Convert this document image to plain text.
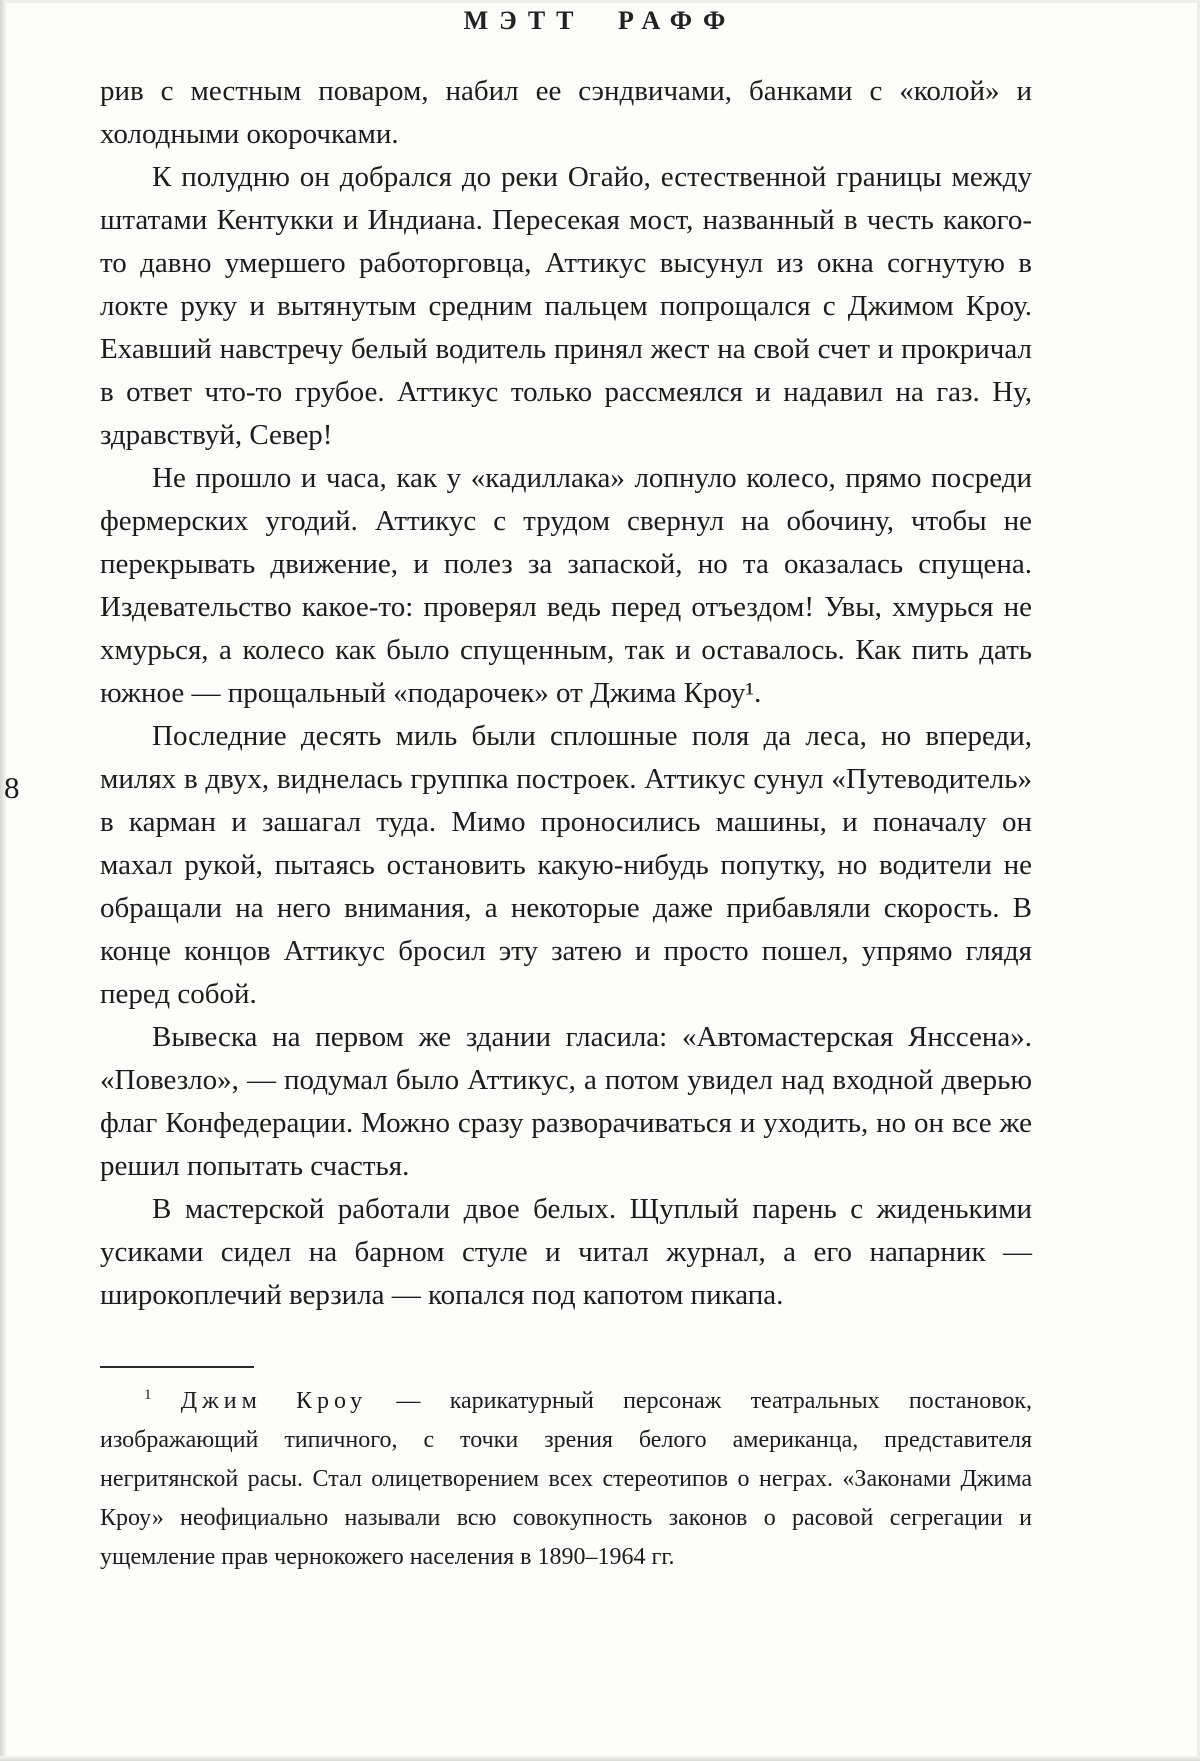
МЭТТ РАФФ
8

рив с местным поваром, набил ее сэндвичами, банками с «колой» и холодными окорочками.

К полудню он добрался до реки Огайо, естественной границы между штатами Кентукки и Индиана. Пересекая мост, названный в честь какого-то давно умершего работорговца, Аттикус высунул из окна согнутую в локте руку и вытянутым средним пальцем попрощался с Джимом Кроу. Ехавший навстречу белый водитель принял жест на свой счет и прокричал в ответ что-то грубое. Аттикус только рассмеялся и надавил на газ. Ну, здравствуй, Север!

Не прошло и часа, как у «кадиллака» лопнуло колесо, прямо посреди фермерских угодий. Аттикус с трудом свернул на обочину, чтобы не перекрывать движение, и полез за запаской, но та оказалась спущена. Издевательство какое-то: проверял ведь перед отъездом! Увы, хмурься не хмурься, а колесо как было спущенным, так и оставалось. Как пить дать южное — прощальный «подарочек» от Джима Кроу¹.

Последние десять миль были сплошные поля да леса, но впереди, милях в двух, виднелась группка построек. Аттикус сунул «Путеводитель» в карман и зашагал туда. Мимо проносились машины, и поначалу он махал рукой, пытаясь остановить какую-нибудь попутку, но водители не обращали на него внимания, а некоторые даже прибавляли скорость. В конце концов Аттикус бросил эту затею и просто пошел, упрямо глядя перед собой.

Вывеска на первом же здании гласила: «Автомастерская Янссена». «Повезло», — подумал было Аттикус, а потом увидел над входной дверью флаг Конфедерации. Можно сразу разворачиваться и уходить, но он все же решил попытать счастья.

В мастерской работали двое белых. Щуплый парень с жиденькими усиками сидел на барном стуле и читал журнал, а его напарник — широкоплечий верзила — копался под капотом пикапа.

$^1$ Джим Кроу — карикатурный персонаж театральных постановок, изображающий типичного, с точки зрения белого американца, представителя негритянской расы. Стал олицетворением всех стереотипов о неграх. «Законами Джима Кроу» неофициально называли всю совокупность законов о расовой сегрегации и ущемление прав чернокожего населения в 1890–1964 гг.
